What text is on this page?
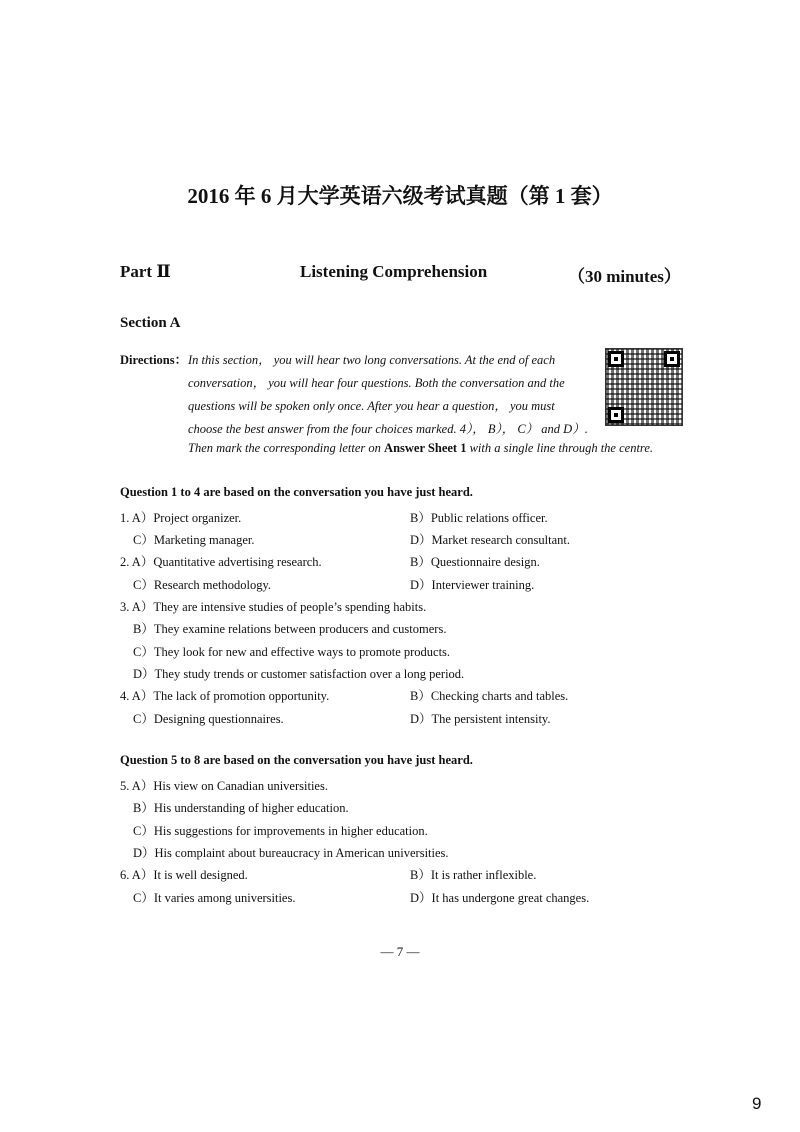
2016 年 6 月大学英语六级考试真题（第 1 套）
Part Ⅱ	Listening Comprehension	（30 minutes）
Section A
Directions： In this section， you will hear two long conversations. At the end of each
conversation， you will hear four questions. Both the conversation and the
questions will be spoken only once. After you hear a question， you must
choose the best answer from the four choices marked. 4）， B）， C） and D）.
Then mark the corresponding letter on Answer Sheet 1 with a single line through the centre.
Question 1 to 4 are based on the conversation you have just heard.
1. A）Project organizer.	B）Public relations officer.
C）Marketing manager.	D）Market research consultant.
2. A）Quantitative advertising research.	B）Questionnaire design.
C）Research methodology.	D）Interviewer training.
3. A）They are intensive studies of people’s spending habits.
B）They examine relations between producers and customers.
C）They look for new and effective ways to promote products.
D）They study trends or customer satisfaction over a long period.
4. A）The lack of promotion opportunity.	B）Checking charts and tables.
C）Designing questionnaires.	D）The persistent intensity.
Question 5 to 8 are based on the conversation you have just heard.
5. A）His view on Canadian universities.
B）His understanding of higher education.
C）His suggestions for improvements in higher education.
D）His complaint about bureaucracy in American universities.
6. A）It is well designed.	B）It is rather inflexible.
C）It varies among universities.	D）It has undergone great changes.
— 7 —
9
